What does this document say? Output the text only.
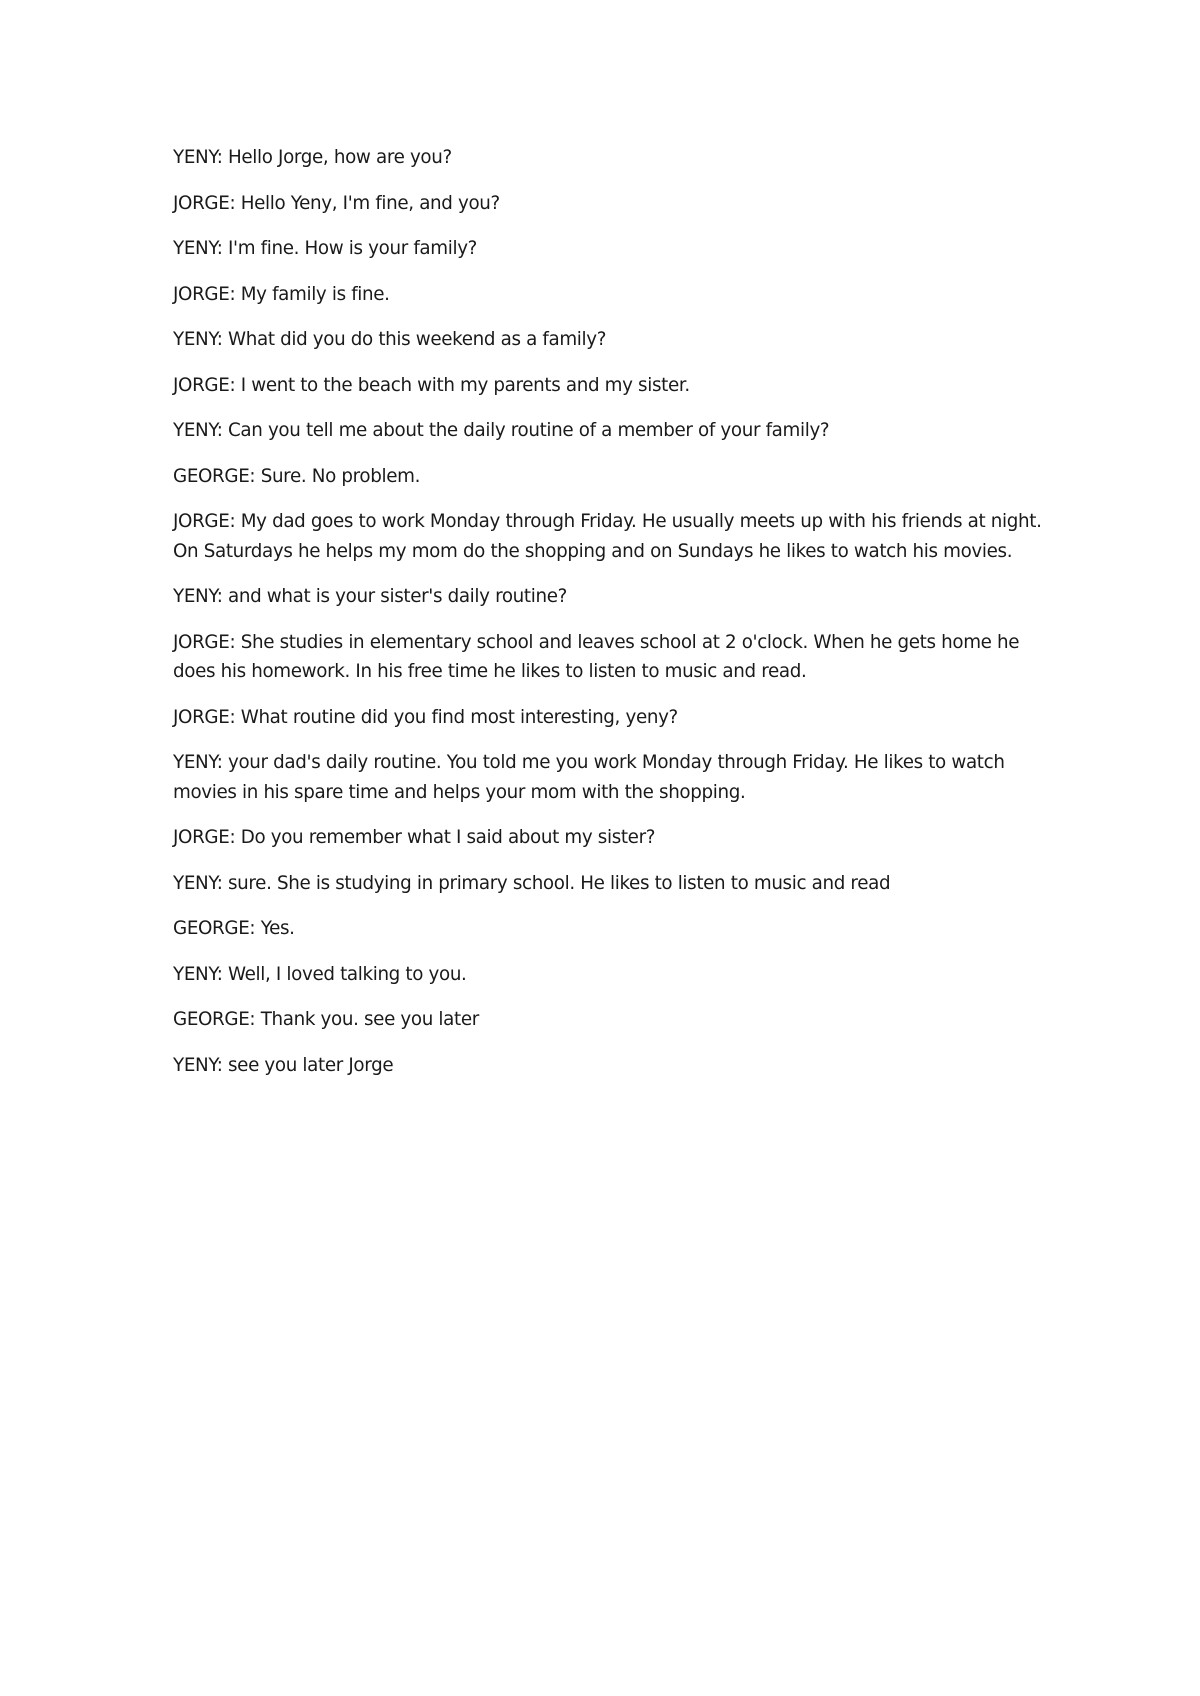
YENY: Hello Jorge, how are you?
JORGE: Hello Yeny, I'm fine, and you?
YENY: I'm fine. How is your family?
JORGE: My family is fine.
YENY: What did you do this weekend as a family?
JORGE: I went to the beach with my parents and my sister.
YENY: Can you tell me about the daily routine of a member of your family?
GEORGE: Sure. No problem.
JORGE: My dad goes to work Monday through Friday. He usually meets up with his friends at night. On Saturdays he helps my mom do the shopping and on Sundays he likes to watch his movies.
YENY: and what is your sister's daily routine?
JORGE: She studies in elementary school and leaves school at 2 o'clock. When he gets home he does his homework. In his free time he likes to listen to music and read.
JORGE: What routine did you find most interesting, yeny?
YENY: your dad's daily routine. You told me you work Monday through Friday. He likes to watch movies in his spare time and helps your mom with the shopping.
JORGE: Do you remember what I said about my sister?
YENY: sure. She is studying in primary school. He likes to listen to music and read
GEORGE: Yes.
YENY: Well, I loved talking to you.
GEORGE: Thank you. see you later
YENY: see you later Jorge
